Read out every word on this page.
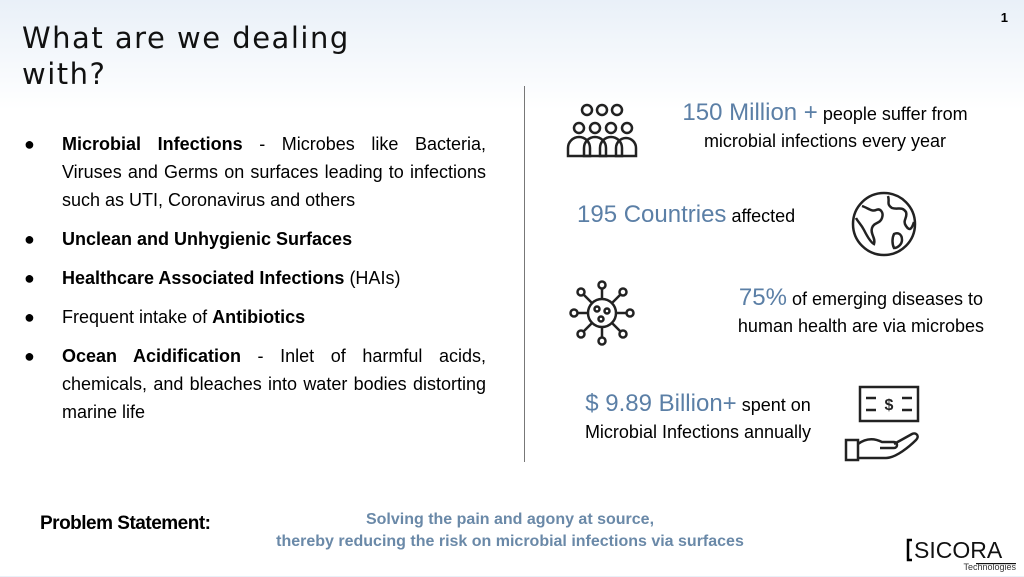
1
What are we dealing
with?
● Microbial Infections - Microbes like Bacteria, Viruses and Germs on surfaces leading to infections such as UTI, Coronavirus and others
● Unclean and Unhygienic Surfaces
● Healthcare Associated Infections (HAIs)
● Frequent intake of Antibiotics
● Ocean Acidification - Inlet of harmful acids, chemicals, and bleaches into water bodies distorting marine life
150 Million + people suffer from
microbial infections every year
195 Countries affected
75% of emerging diseases to
human health are via microbes
$ 9.89 Billion+ spent on
Microbial Infections annually
$
Problem Statement:	Solving the pain and agony at source,
thereby reducing the risk on microbial infections via surfaces	SICORA
Technologies
